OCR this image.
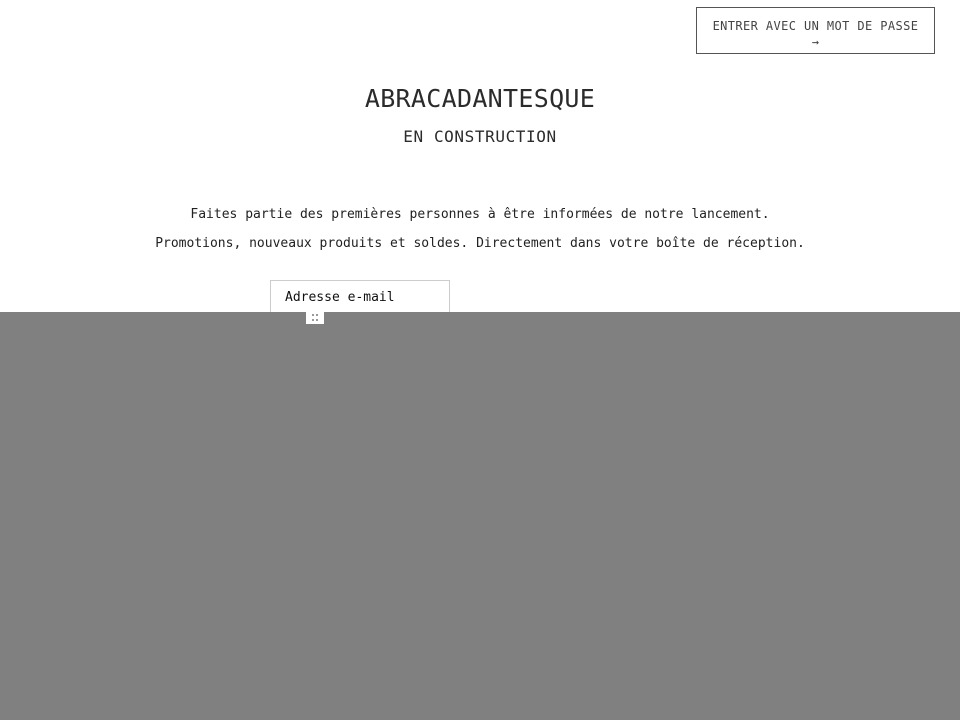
ENTRER AVEC UN MOT DE PASSE
→
ABRACADANTESQUE
EN CONSTRUCTION
Faites partie des premières personnes à être informées de notre lancement.
Promotions, nouveaux produits et soldes. Directement dans votre boîte de réception.
Adresse e-mail
